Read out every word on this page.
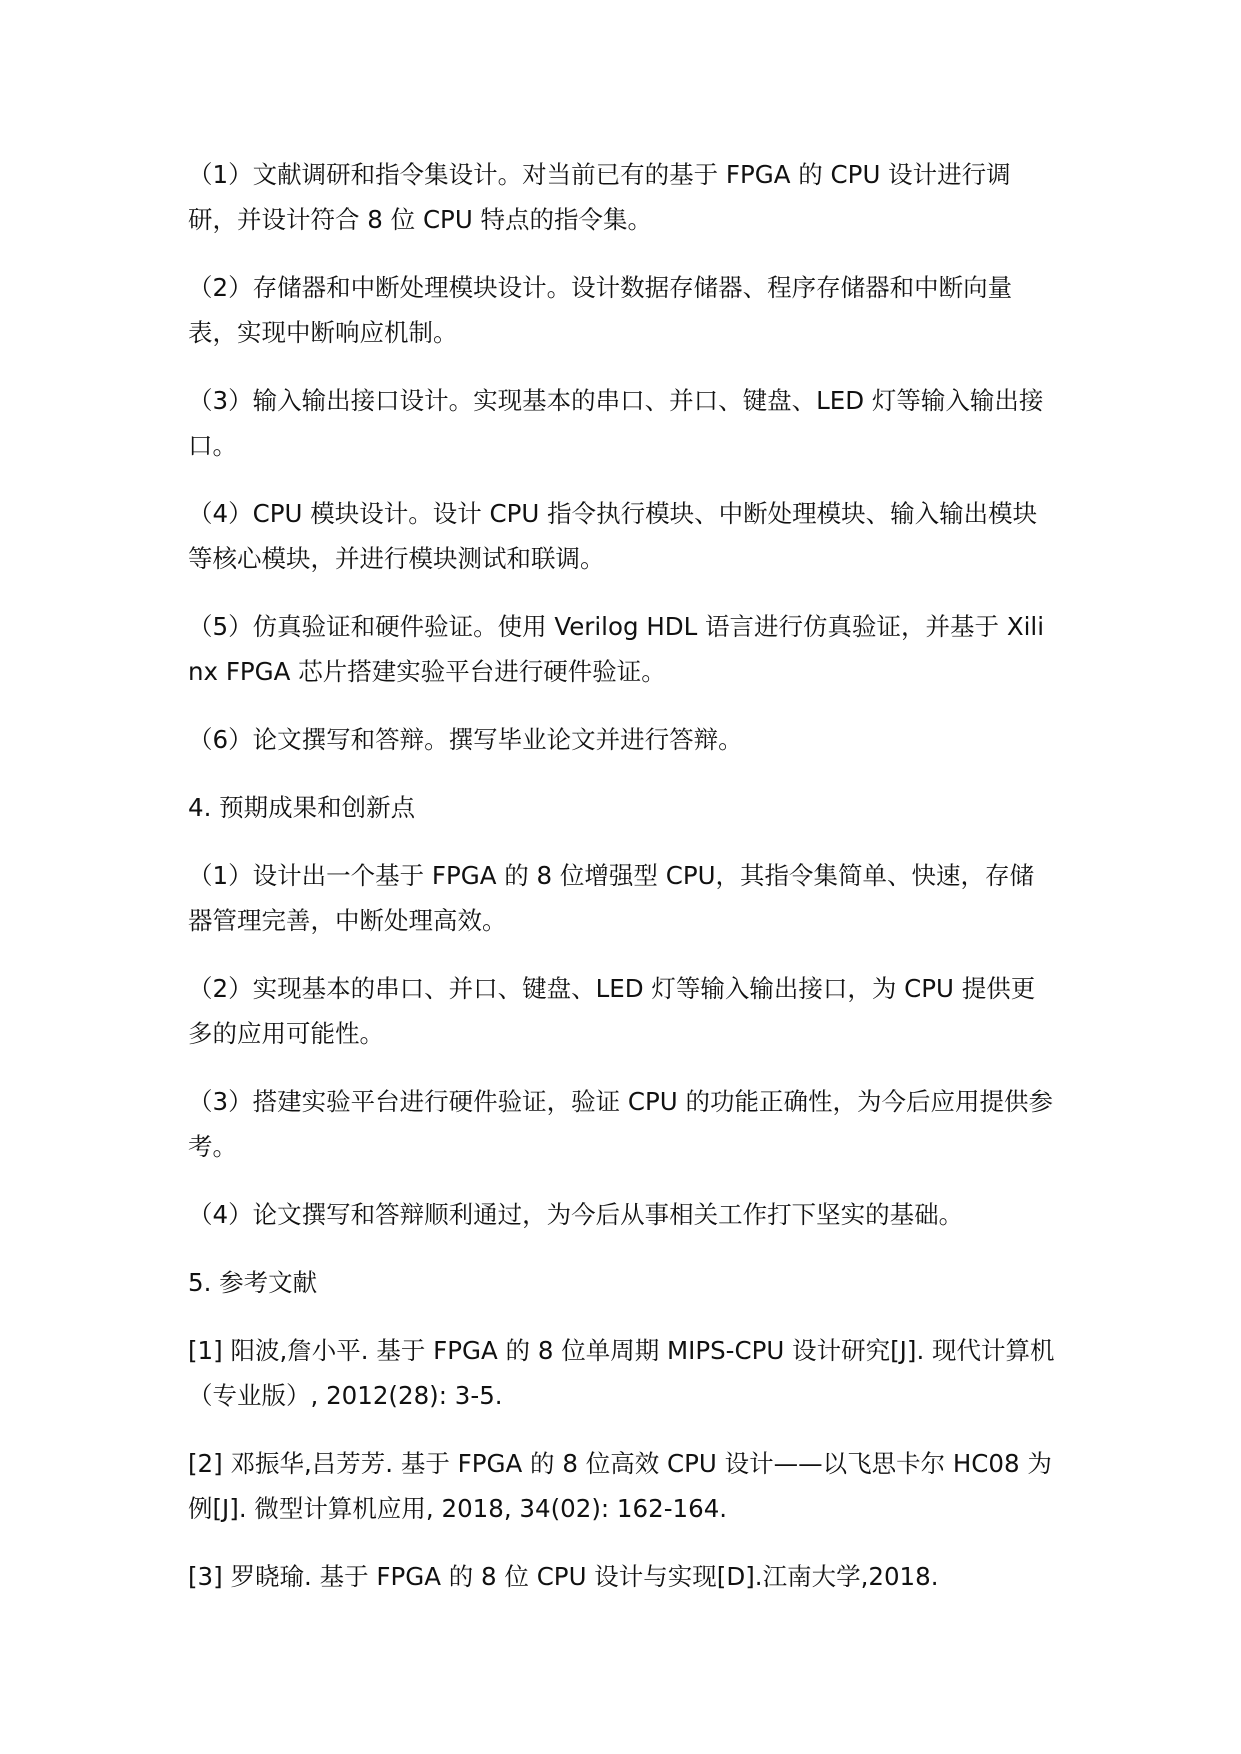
（1）文献调研和指令集设计。对当前已有的基于 FPGA 的 CPU 设计进行调研，并设计符合 8 位 CPU 特点的指令集。

（2）存储器和中断处理模块设计。设计数据存储器、程序存储器和中断向量表，实现中断响应机制。

（3）输入输出接口设计。实现基本的串口、并口、键盘、LED 灯等输入输出接口。

（4）CPU 模块设计。设计 CPU 指令执行模块、中断处理模块、输入输出模块等核心模块，并进行模块测试和联调。

（5）仿真验证和硬件验证。使用 Verilog HDL 语言进行仿真验证，并基于 Xilinx FPGA 芯片搭建实验平台进行硬件验证。

（6）论文撰写和答辩。撰写毕业论文并进行答辩。

4. 预期成果和创新点

（1）设计出一个基于 FPGA 的 8 位增强型 CPU，其指令集简单、快速，存储器管理完善，中断处理高效。

（2）实现基本的串口、并口、键盘、LED 灯等输入输出接口，为 CPU 提供更多的应用可能性。

（3）搭建实验平台进行硬件验证，验证 CPU 的功能正确性，为今后应用提供参考。

（4）论文撰写和答辩顺利通过，为今后从事相关工作打下坚实的基础。

5. 参考文献

[1] 阳波,詹小平. 基于 FPGA 的 8 位单周期 MIPS-CPU 设计研究[J]. 现代计算机（专业版）, 2012(28): 3-5.

[2] 邓振华,吕芳芳. 基于 FPGA 的 8 位高效 CPU 设计——以飞思卡尔 HC08 为例[J]. 微型计算机应用, 2018, 34(02): 162-164.

[3] 罗晓瑜. 基于 FPGA 的 8 位 CPU 设计与实现[D].江南大学,2018.
